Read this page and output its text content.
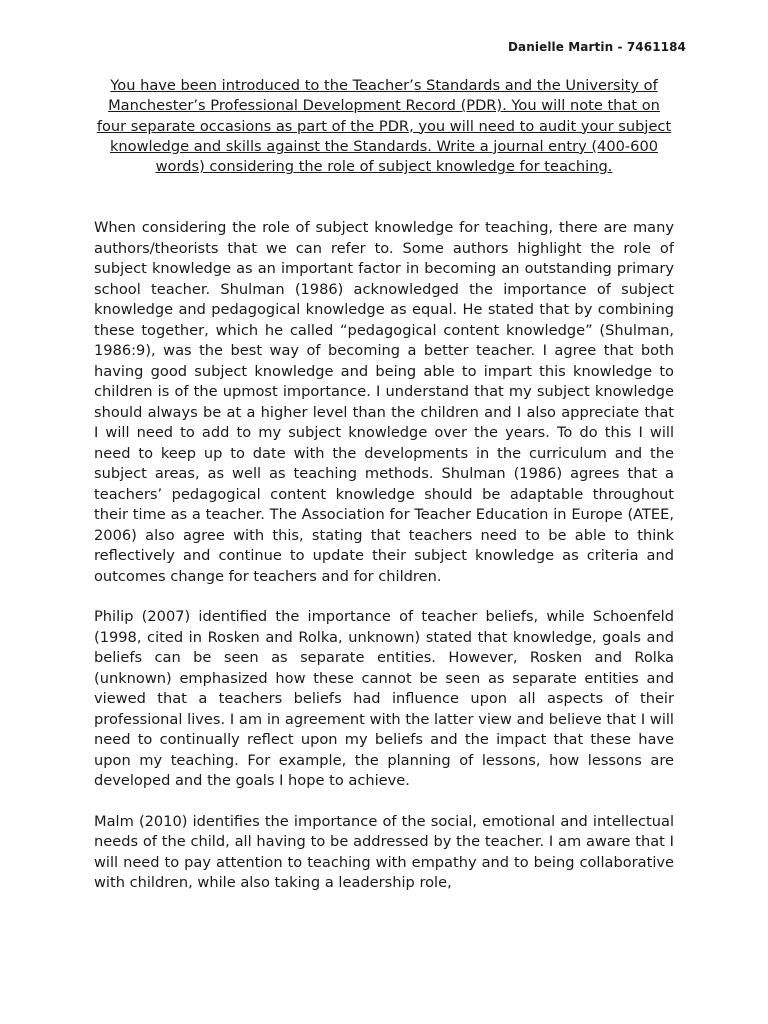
Danielle Martin - 7461184

You have been introduced to the Teacher’s Standards and the University of Manchester’s Professional Development Record (PDR). You will note that on four separate occasions as part of the PDR, you will need to audit your subject knowledge and skills against the Standards. Write a journal entry (400-600 words) considering the role of subject knowledge for teaching.

When considering the role of subject knowledge for teaching, there are many authors/theorists that we can refer to. Some authors highlight the role of subject knowledge as an important factor in becoming an outstanding primary school teacher. Shulman (1986) acknowledged the importance of subject knowledge and pedagogical knowledge as equal. He stated that by combining these together, which he called “pedagogical content knowledge” (Shulman, 1986:9), was the best way of becoming a better teacher. I agree that both having good subject knowledge and being able to impart this knowledge to children is of the upmost importance. I understand that my subject knowledge should always be at a higher level than the children and I also appreciate that I will need to add to my subject knowledge over the years. To do this I will need to keep up to date with the developments in the curriculum and the subject areas, as well as teaching methods. Shulman (1986) agrees that a teachers’ pedagogical content knowledge should be adaptable throughout their time as a teacher. The Association for Teacher Education in Europe (ATEE, 2006) also agree with this, stating that teachers need to be able to think reflectively and continue to update their subject knowledge as criteria and outcomes change for teachers and for children.

Philip (2007) identified the importance of teacher beliefs, while Schoenfeld (1998, cited in Rosken and Rolka, unknown) stated that knowledge, goals and beliefs can be seen as separate entities. However, Rosken and Rolka (unknown) emphasized how these cannot be seen as separate entities and viewed that a teachers beliefs had influence upon all aspects of their professional lives. I am in agreement with the latter view and believe that I will need to continually reflect upon my beliefs and the impact that these have upon my teaching. For example, the planning of lessons, how lessons are developed and the goals I hope to achieve.

Malm (2010) identifies the importance of the social, emotional and intellectual needs of the child, all having to be addressed by the teacher. I am aware that I will need to pay attention to teaching with empathy and to being collaborative with children, while also taking a leadership role,
